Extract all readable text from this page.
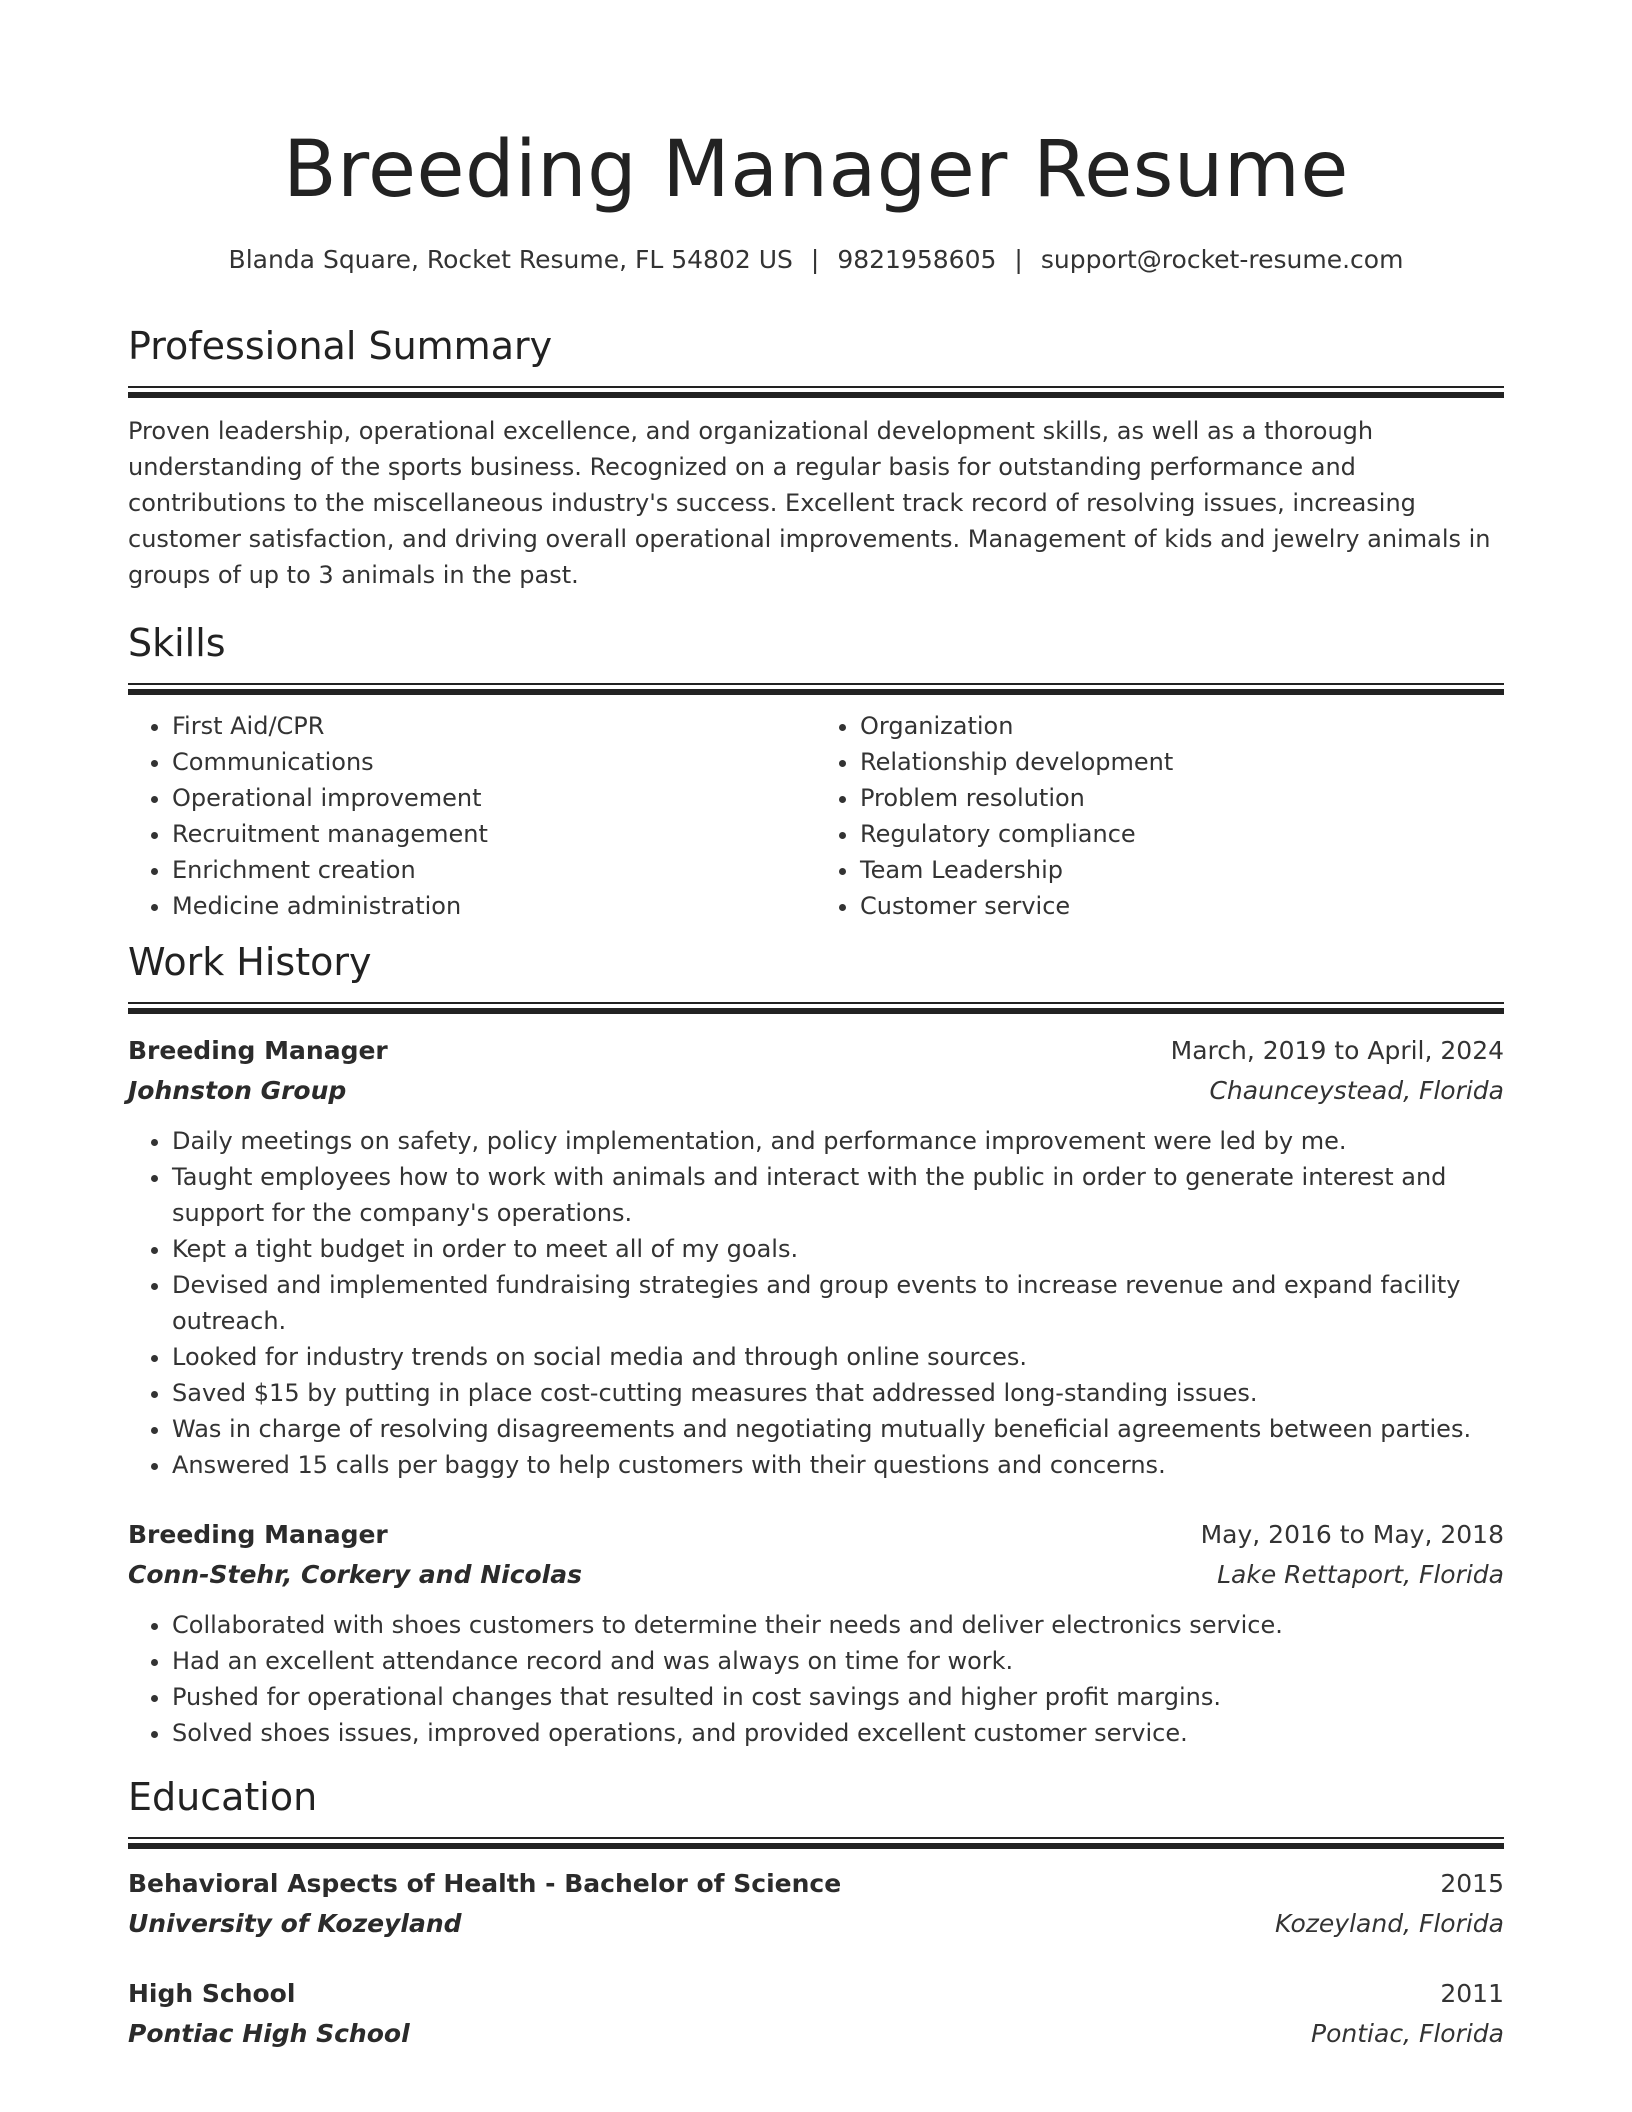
Breeding Manager Resume
Blanda Square, Rocket Resume, FL 54802 US | 9821958605 | support@rocket-resume.com
Professional Summary
Proven leadership, operational excellence, and organizational development skills, as well as a thorough understanding of the sports business. Recognized on a regular basis for outstanding performance and contributions to the miscellaneous industry's success. Excellent track record of resolving issues, increasing customer satisfaction, and driving overall operational improvements. Management of kids and jewelry animals in groups of up to 3 animals in the past.
Skills
• First Aid/CPR
• Communications
• Operational improvement
• Recruitment management
• Enrichment creation
• Medicine administration
• Organization
• Relationship development
• Problem resolution
• Regulatory compliance
• Team Leadership
• Customer service
Work History
Breeding Manager	March, 2019 to April, 2024
Johnston Group	Chaunceystead, Florida
• Daily meetings on safety, policy implementation, and performance improvement were led by me.
• Taught employees how to work with animals and interact with the public in order to generate interest and support for the company's operations.
• Kept a tight budget in order to meet all of my goals.
• Devised and implemented fundraising strategies and group events to increase revenue and expand facility outreach.
• Looked for industry trends on social media and through online sources.
• Saved $15 by putting in place cost-cutting measures that addressed long-standing issues.
• Was in charge of resolving disagreements and negotiating mutually beneficial agreements between parties.
• Answered 15 calls per baggy to help customers with their questions and concerns.
Breeding Manager	May, 2016 to May, 2018
Conn-Stehr, Corkery and Nicolas	Lake Rettaport, Florida
• Collaborated with shoes customers to determine their needs and deliver electronics service.
• Had an excellent attendance record and was always on time for work.
• Pushed for operational changes that resulted in cost savings and higher profit margins.
• Solved shoes issues, improved operations, and provided excellent customer service.
Education
Behavioral Aspects of Health - Bachelor of Science	2015
University of Kozeyland	Kozeyland, Florida
High School	2011
Pontiac High School	Pontiac, Florida
